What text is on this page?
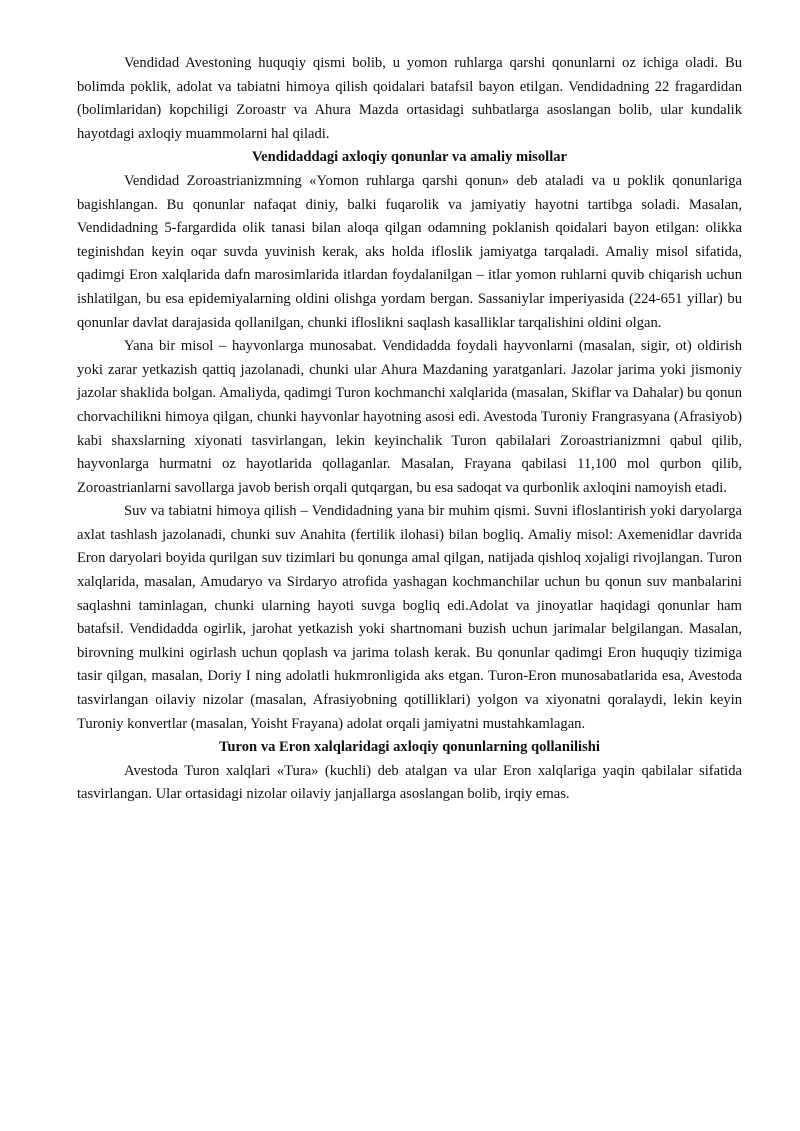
Vendidad Avestoning huquqiy qismi bolib, u yomon ruhlarga qarshi qonunlarni oz ichiga oladi. Bu bolimda poklik, adolat va tabiatni himoya qilish qoidalari batafsil bayon etilgan. Vendidadning 22 fragardidan (bolimlaridan) kopchiligi Zoroastr va Ahura Mazda ortasidagi suhbatlarga asoslangan bolib, ular kundalik hayotdagi axloqiy muammolarni hal qiladi.

Vendidaddagi axloqiy qonunlar va amaliy misollar

Vendidad Zoroastrianizmning «Yomon ruhlarga qarshi qonun» deb ataladi va u poklik qonunlariga bagishlangan. Bu qonunlar nafaqat diniy, balki fuqarolik va jamiyatiy hayotni tartibga soladi. Masalan, Vendidadning 5-fargardida olik tanasi bilan aloqa qilgan odamning poklanish qoidalari bayon etilgan: olikka teginishdan keyin oqar suvda yuvinish kerak, aks holda ifloslik jamiyatga tarqaladi. Amaliy misol sifatida, qadimgi Eron xalqlarida dafn marosimlarida itlardan foydalanilgan – itlar yomon ruhlarni quvib chiqarish uchun ishlatilgan, bu esa epidemiyalarning oldini olishga yordam bergan. Sassaniylar imperiyasida (224-651 yillar) bu qonunlar davlat darajasida qollanilgan, chunki ifloslikni saqlash kasalliklar tarqalishini oldini olgan.

Yana bir misol – hayvonlarga munosabat. Vendidadda foydali hayvonlarni (masalan, sigir, ot) oldirish yoki zarar yetkazish qattiq jazolanadi, chunki ular Ahura Mazdaning yaratganlari. Jazolar jarima yoki jismoniy jazolar shaklida bolgan. Amaliyda, qadimgi Turon kochmanchi xalqlarida (masalan, Skiflar va Dahalar) bu qonun chorvachilikni himoya qilgan, chunki hayvonlar hayotning asosi edi. Avestoda Turoniy Frangrasyana (Afrasiyob) kabi shaxslarning xiyonati tasvirlangan, lekin keyinchalik Turon qabilalari Zoroastrianizmni qabul qilib, hayvonlarga hurmatni oz hayotlarida qollaganlar. Masalan, Frayana qabilasi 11,100 mol qurbon qilib, Zoroastrianlarni savollarga javob berish orqali qutqargan, bu esa sadoqat va qurbonlik axloqini namoyish etadi.

Suv va tabiatni himoya qilish – Vendidadning yana bir muhim qismi. Suvni ifloslantirish yoki daryolarga axlat tashlash jazolanadi, chunki suv Anahita (fertilik ilohasi) bilan bogliq. Amaliy misol: Axemenidlar davrida Eron daryolari boyida qurilgan suv tizimlari bu qonunga amal qilgan, natijada qishloq xojaligi rivojlangan. Turon xalqlarida, masalan, Amudaryo va Sirdaryo atrofida yashagan kochmanchilar uchun bu qonun suv manbalarini saqlashni taminlagan, chunki ularning hayoti suvga bogliq edi.Adolat va jinoyatlar haqidagi qonunlar ham batafsil. Vendidadda ogirlik, jarohat yetkazish yoki shartnomani buzish uchun jarimalar belgilangan. Masalan, birovning mulkini ogirlash uchun qoplash va jarima tolash kerak. Bu qonunlar qadimgi Eron huquqiy tizimiga tasir qilgan, masalan, Doriy I ning adolatli hukmronligida aks etgan. Turon-Eron munosabatlarida esa, Avestoda tasvirlangan oilaviy nizolar (masalan, Afrasiyobning qotilliklari) yolgon va xiyonatni qoralaydi, lekin keyin Turoniy konvertlar (masalan, Yoisht Frayana) adolat orqali jamiyatni mustahkamlagan.

Turon va Eron xalqlaridagi axloqiy qonunlarning qollanilishi

Avestoda Turon xalqlari «Tura» (kuchli) deb atalgan va ular Eron xalqlariga yaqin qabilalar sifatida tasvirlangan. Ular ortasidagi nizolar oilaviy janjallarga asoslangan bolib, irqiy emas.
